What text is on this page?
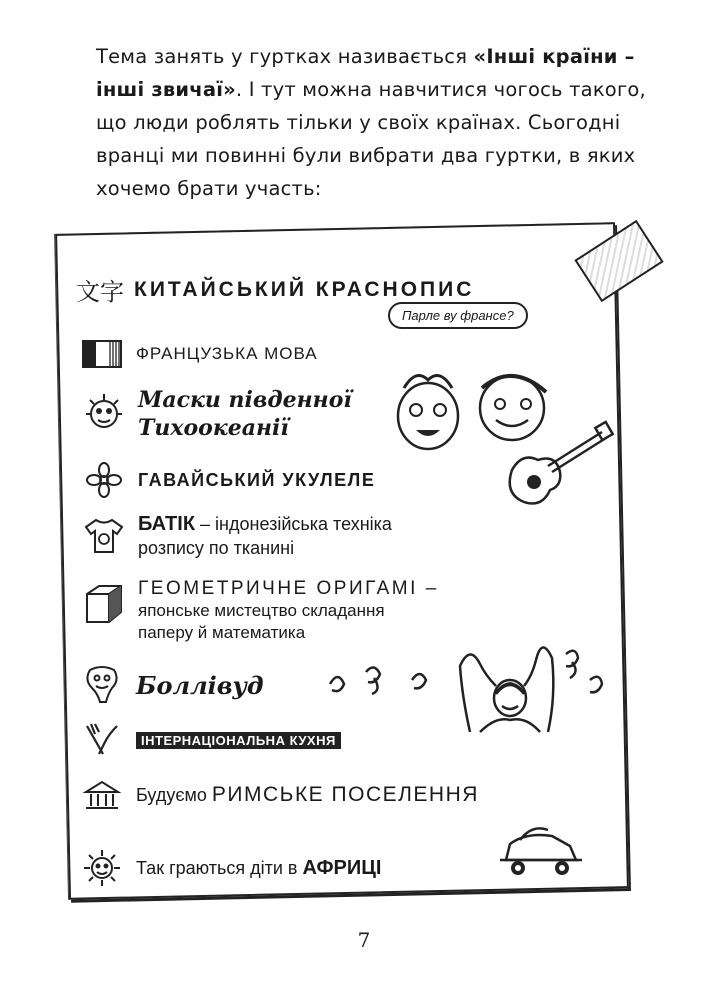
Тема занять у гуртках називається «Інші країни – інші звичаї». І тут можна навчитися чогось такого, що люди роблять тільки у своїх країнах. Сьогодні вранці ми повинні були вибрати два гуртки, в яких хочемо брати участь:
文字 КИТАЙСЬКИЙ КРАСНОПИС
Парле ву франсе?
ФРАНЦУЗЬКА МОВА
Маски південної
Тихоокеанії
ГАВАЙСЬКИЙ УКУЛЕЛЕ
БАТІК – індонезійська техніка
розпису по тканині
ГЕОМЕТРИЧНЕ ОРИГАМІ –
японське мистецтво складання
паперу й математика
Боллівуд
ІНТЕРНАЦІОНАЛЬНА КУХНЯ
Будуємо РИМСЬКЕ ПОСЕЛЕННЯ
Так граються діти в АФРИЦІ
7
